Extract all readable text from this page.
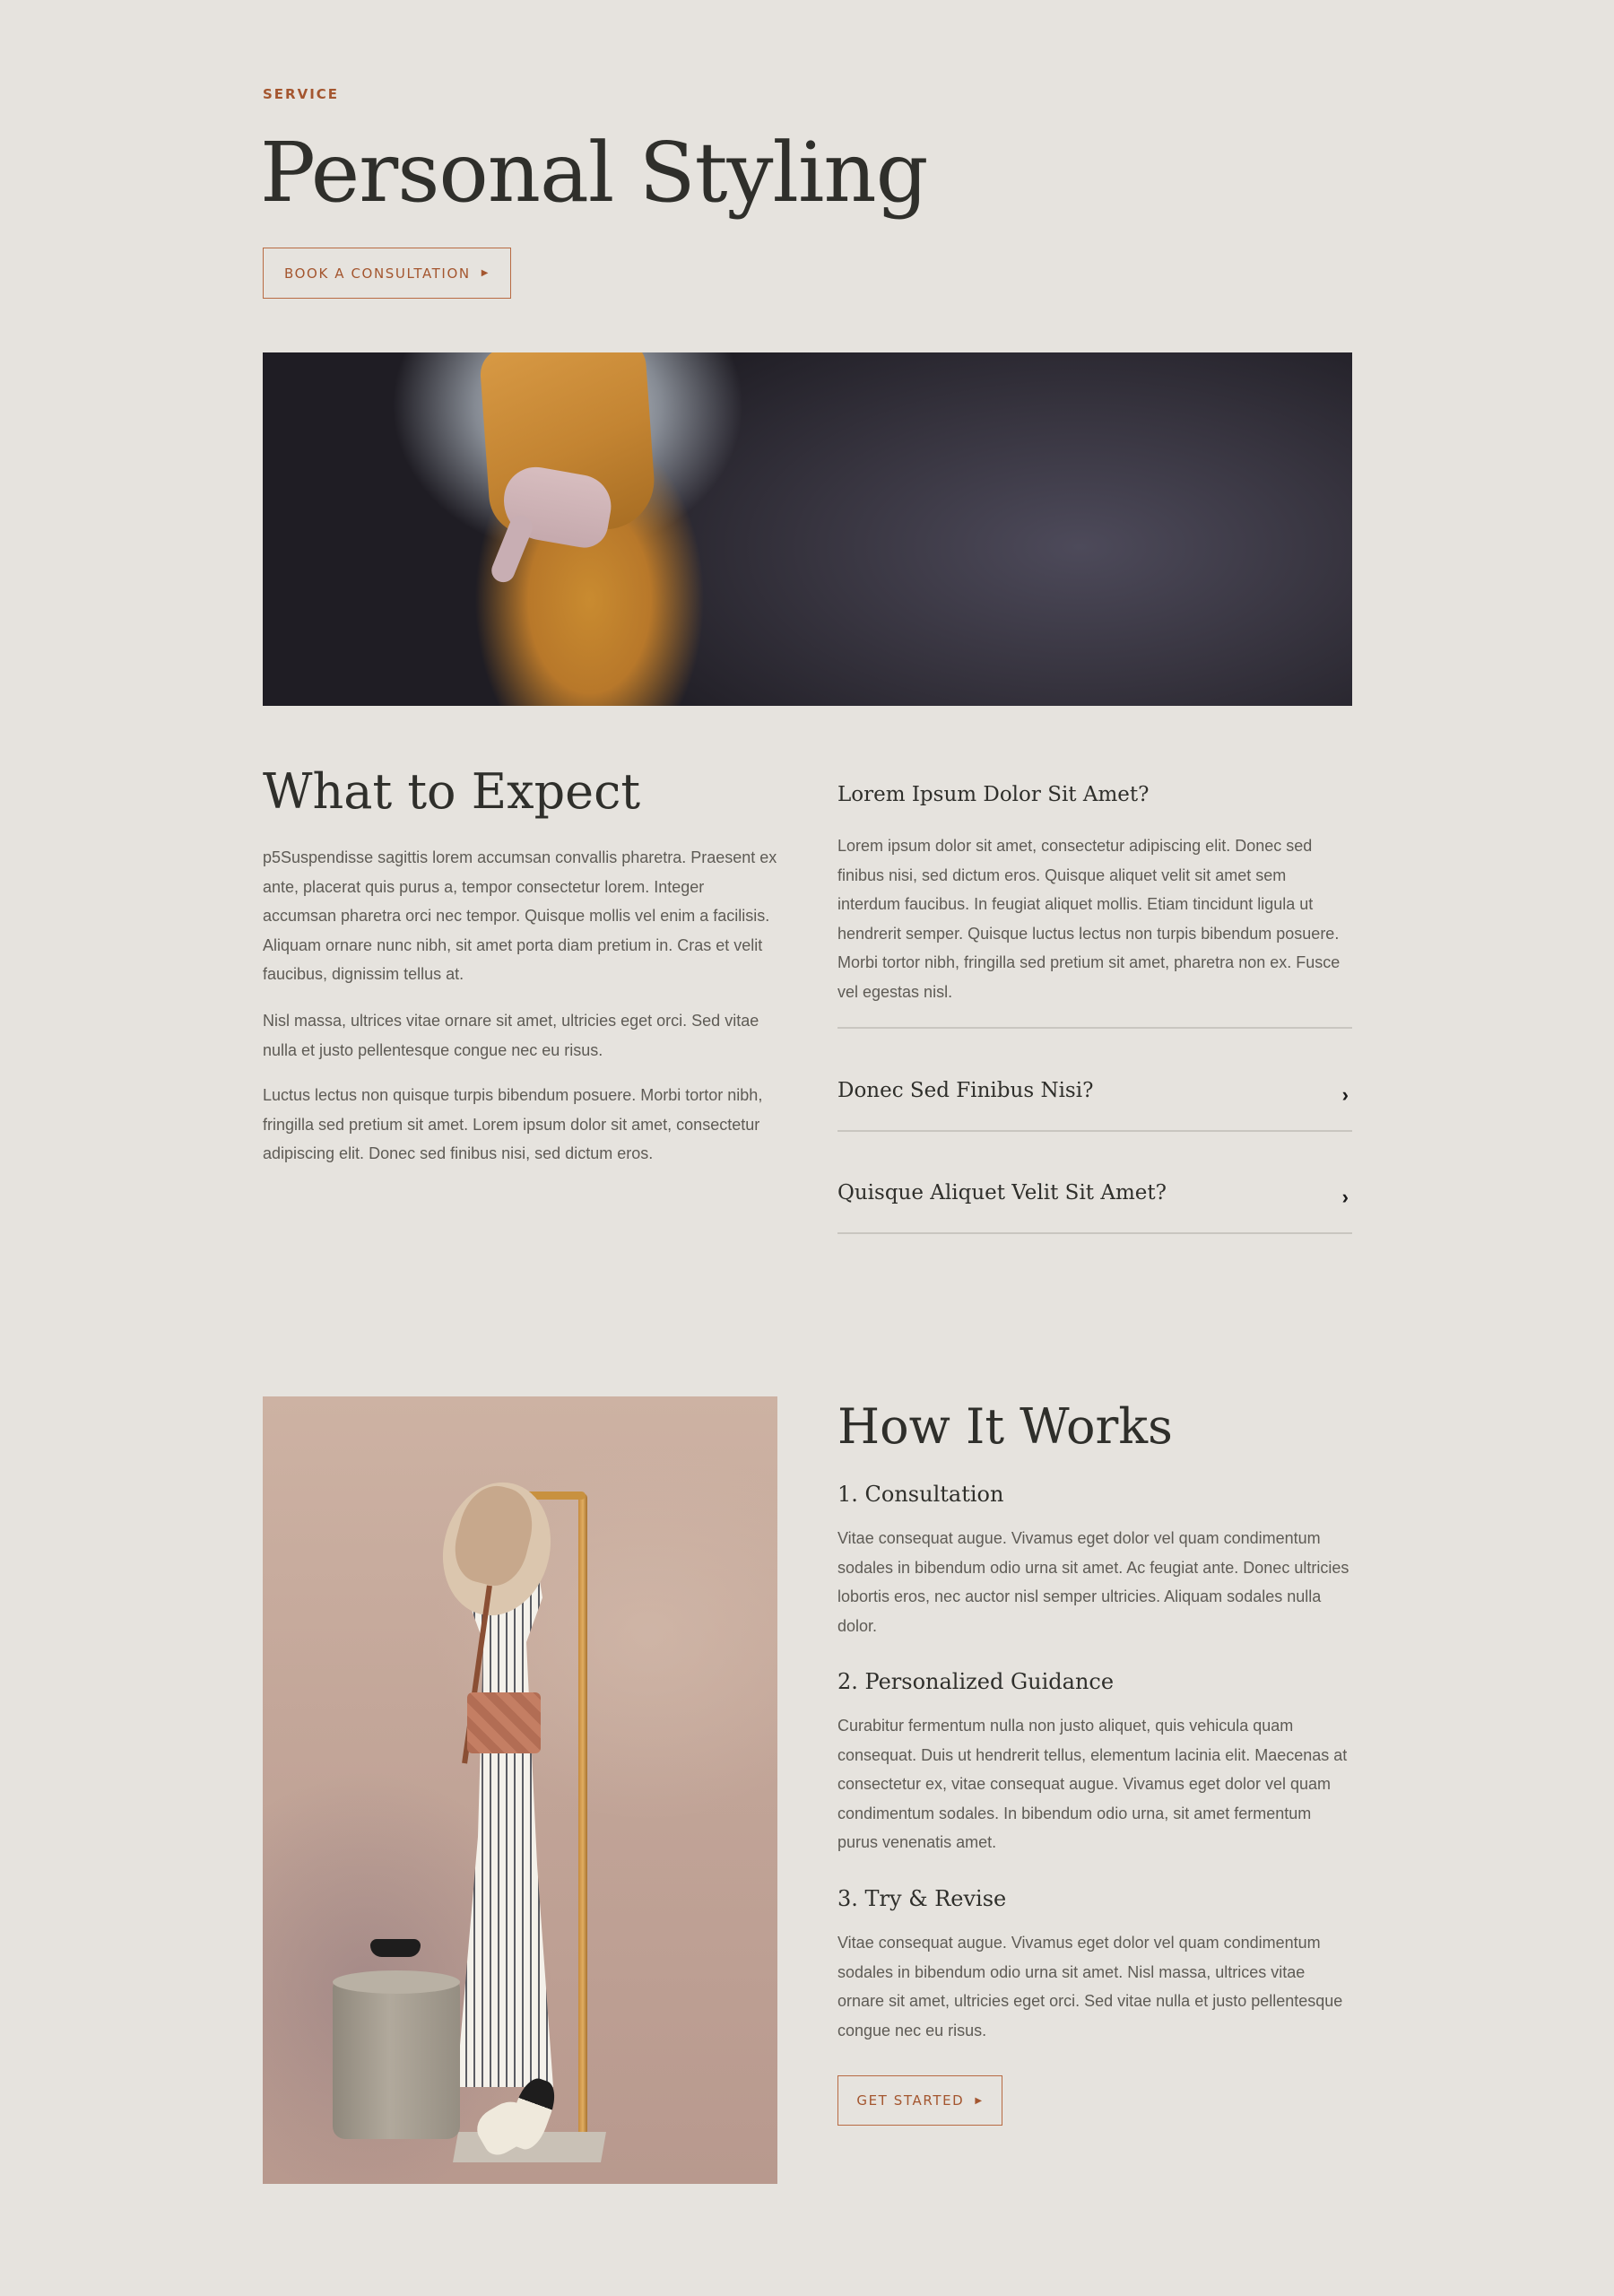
SERVICE
Personal Styling
BOOK A CONSULTATION ▶
What to Expect

p5Suspendisse sagittis lorem accumsan convallis pharetra. Praesent ex ante, placerat quis purus a, tempor consectetur lorem. Integer accumsan pharetra orci nec tempor. Quisque mollis vel enim a facilisis. Aliquam ornare nunc nibh, sit amet porta diam pretium in. Cras et velit faucibus, dignissim tellus at.

Nisl massa, ultrices vitae ornare sit amet, ultricies eget orci. Sed vitae nulla et justo pellentesque congue nec eu risus.

Luctus lectus non quisque turpis bibendum posuere. Morbi tortor nibh, fringilla sed pretium sit amet. Lorem ipsum dolor sit amet, consectetur adipiscing elit. Donec sed finibus nisi, sed dictum eros.

Lorem Ipsum Dolor Sit Amet?

Lorem ipsum dolor sit amet, consectetur adipiscing elit. Donec sed finibus nisi, sed dictum eros. Quisque aliquet velit sit amet sem interdum faucibus. In feugiat aliquet mollis. Etiam tincidunt ligula ut hendrerit semper. Quisque luctus lectus non turpis bibendum posuere. Morbi tortor nibh, fringilla sed pretium sit amet, pharetra non ex. Fusce vel egestas nisl.

Donec Sed Finibus Nisi?	›
Quisque Aliquet Velit Sit Amet?	›
How It Works
1. Consultation

Vitae consequat augue. Vivamus eget dolor vel quam condimentum sodales in bibendum odio urna sit amet. Ac feugiat ante. Donec ultricies lobortis eros, nec auctor nisl semper ultricies. Aliquam sodales nulla dolor.

2. Personalized Guidance

Curabitur fermentum nulla non justo aliquet, quis vehicula quam consequat. Duis ut hendrerit tellus, elementum lacinia elit. Maecenas at consectetur ex, vitae consequat augue. Vivamus eget dolor vel quam condimentum sodales. In bibendum odio urna, sit amet fermentum purus venenatis amet.

3. Try & Revise

Vitae consequat augue. Vivamus eget dolor vel quam condimentum sodales in bibendum odio urna sit amet. Nisl massa, ultrices vitae ornare sit amet, ultricies eget orci. Sed vitae nulla et justo pellentesque congue nec eu risus.

GET STARTED ▶
